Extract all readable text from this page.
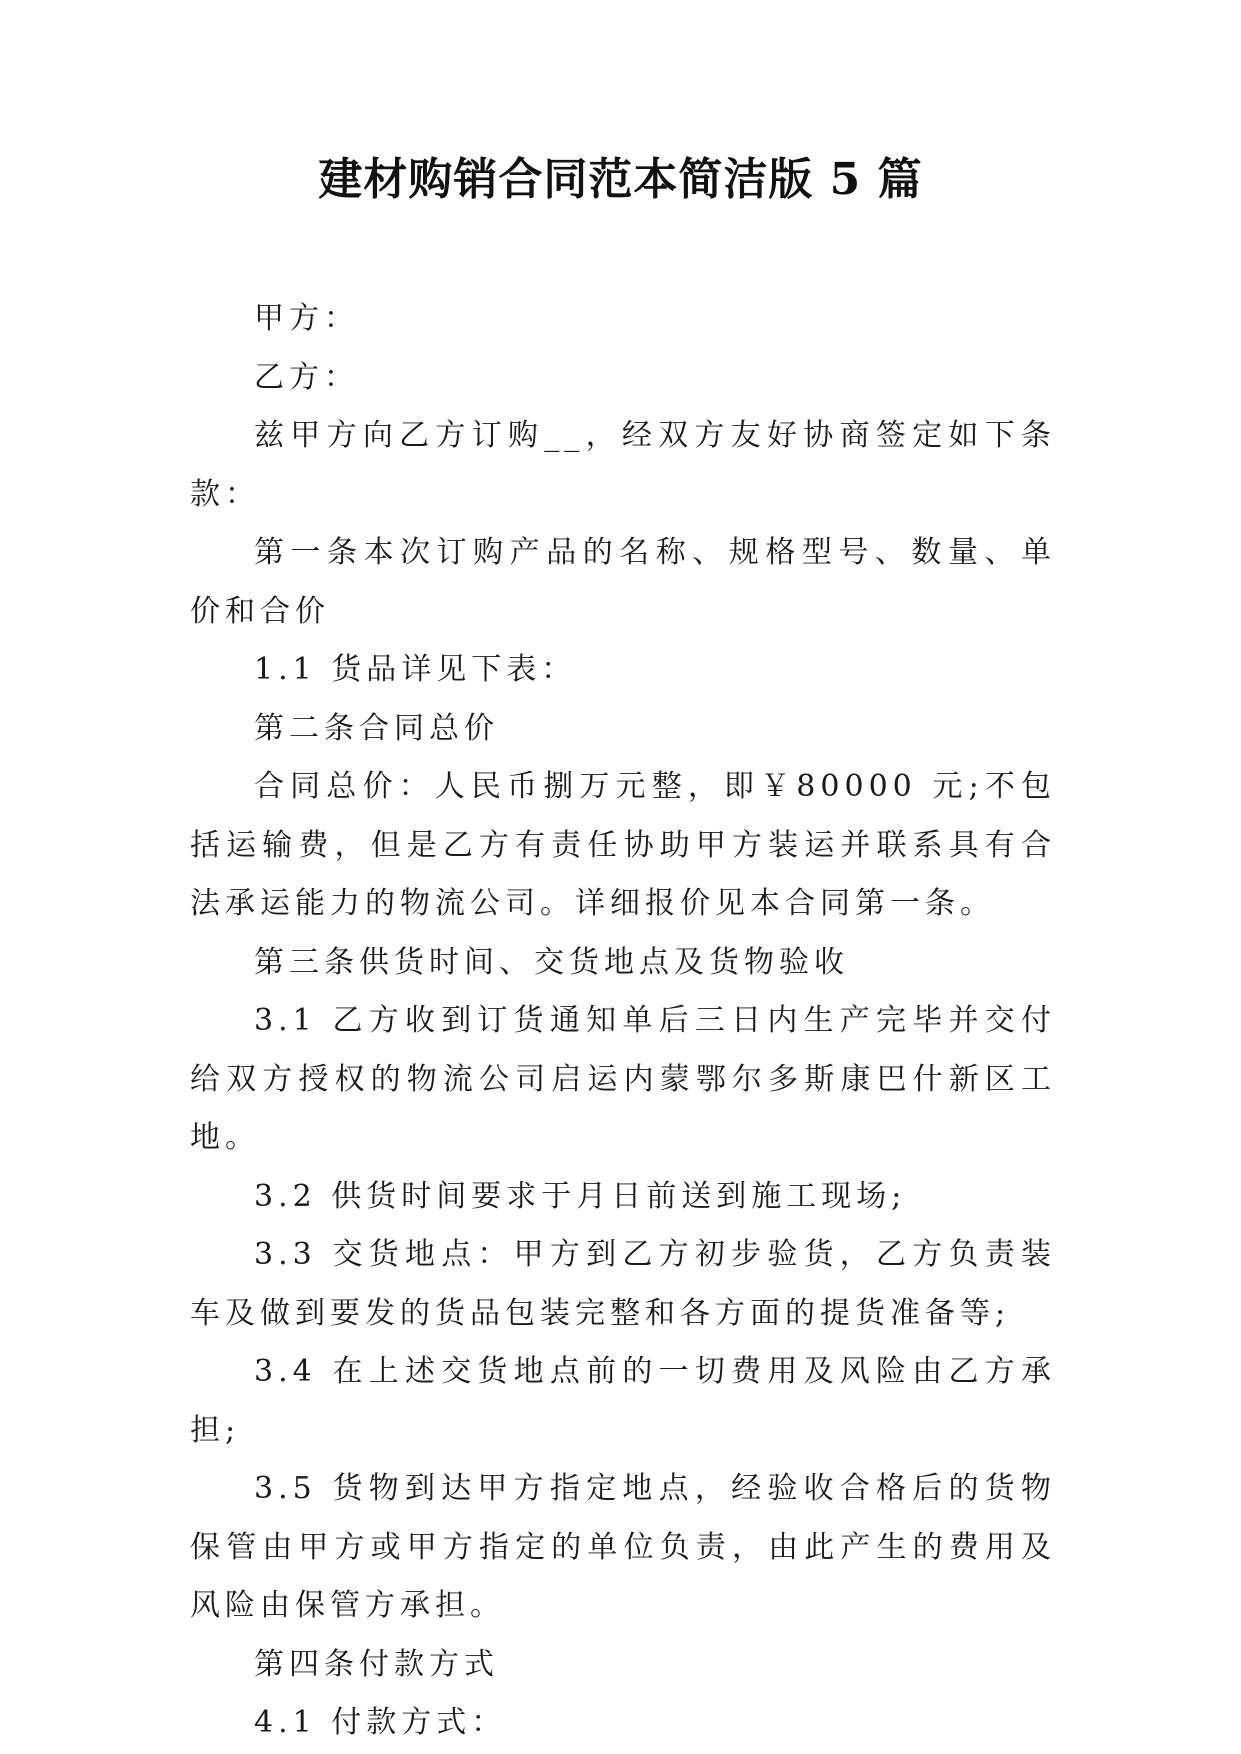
建材购销合同范本简洁版 5 篇

甲方：

乙方：

兹甲方向乙方订购__，经双方友好协商签定如下条款：

第一条本次订购产品的名称、规格型号、数量、单价和合价

1.1 货品详见下表：

第二条合同总价

合同总价：人民币捌万元整，即￥80000 元;不包括运输费，但是乙方有责任协助甲方装运并联系具有合法承运能力的物流公司。详细报价见本合同第一条。

第三条供货时间、交货地点及货物验收

3.1 乙方收到订货通知单后三日内生产完毕并交付给双方授权的物流公司启运内蒙鄂尔多斯康巴什新区工地。

3.2 供货时间要求于月日前送到施工现场;

3.3 交货地点：甲方到乙方初步验货，乙方负责装车及做到要发的货品包装完整和各方面的提货准备等;

3.4 在上述交货地点前的一切费用及风险由乙方承担;

3.5 货物到达甲方指定地点，经验收合格后的货物保管由甲方或甲方指定的单位负责，由此产生的费用及风险由保管方承担。

第四条付款方式

4.1 付款方式：
